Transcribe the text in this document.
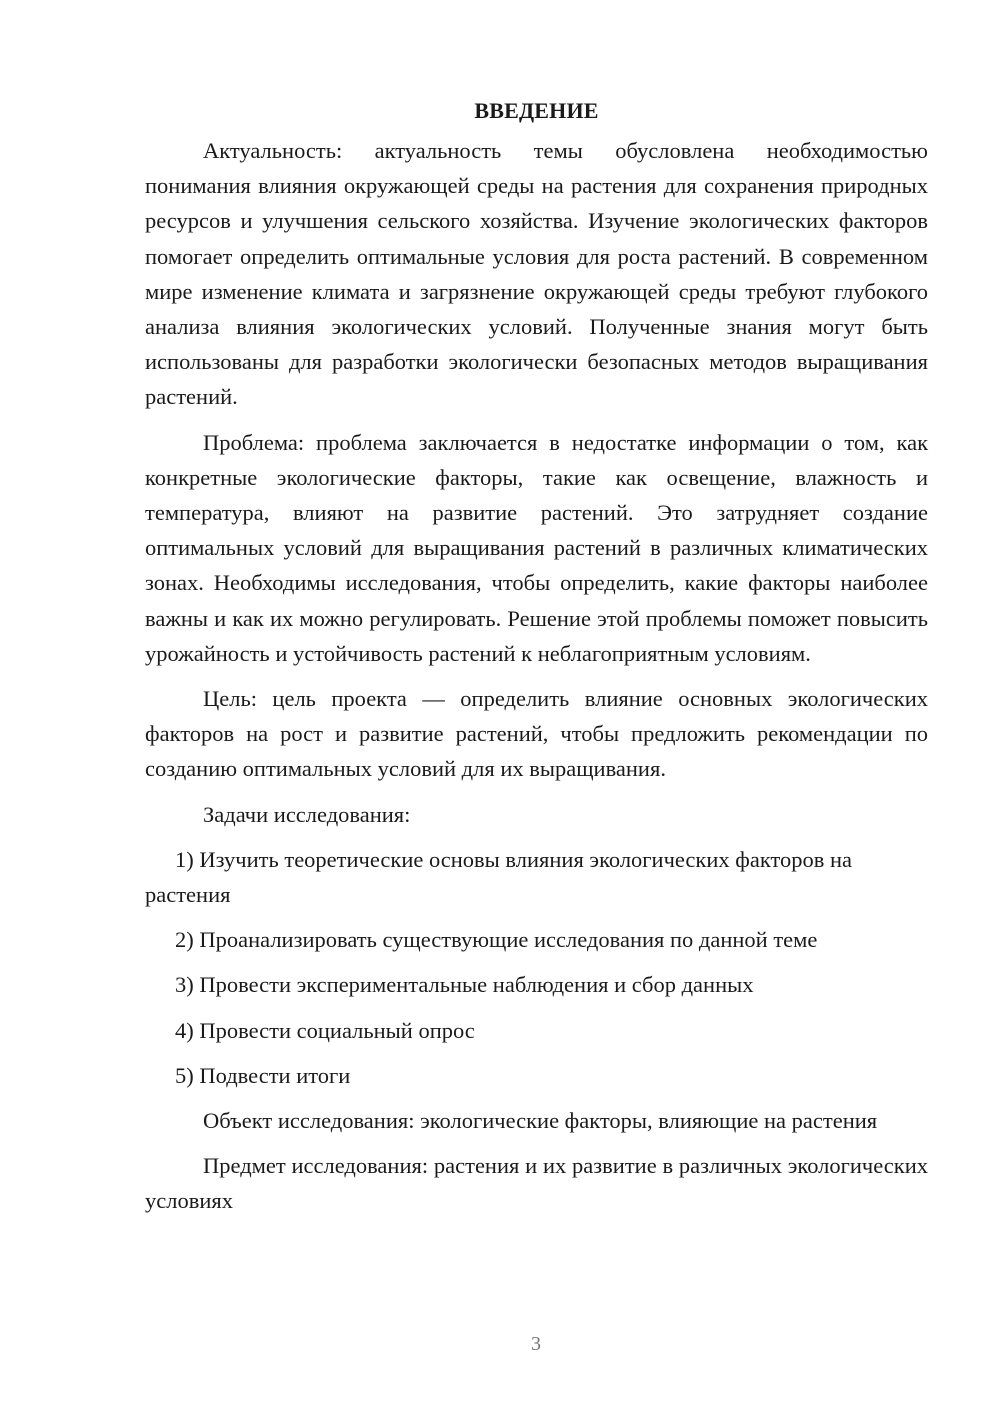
ВВЕДЕНИЕ

Актуальность: актуальность темы обусловлена необходимостью понимания влияния окружающей среды на растения для сохранения природных ресурсов и улучшения сельского хозяйства. Изучение экологических факторов помогает определить оптимальные условия для роста растений. В современном мире изменение климата и загрязнение окружающей среды требуют глубокого анализа влияния экологических условий. Полученные знания могут быть использованы для разработки экологически безопасных методов выращивания растений.

Проблема: проблема заключается в недостатке информации о том, как конкретные экологические факторы, такие как освещение, влажность и температура, влияют на развитие растений. Это затрудняет создание оптимальных условий для выращивания растений в различных климатических зонах. Необходимы исследования, чтобы определить, какие факторы наиболее важны и как их можно регулировать. Решение этой проблемы поможет повысить урожайность и устойчивость растений к неблагоприятным условиям.

Цель: цель проекта — определить влияние основных экологических факторов на рост и развитие растений, чтобы предложить рекомендации по созданию оптимальных условий для их выращивания.

Задачи исследования:

1) Изучить теоретические основы влияния экологических факторов на растения

2) Проанализировать существующие исследования по данной теме

3) Провести экспериментальные наблюдения и сбор данных

4) Провести социальный опрос

5) Подвести итоги

Объект исследования: экологические факторы, влияющие на растения

Предмет исследования: растения и их развитие в различных экологических условиях

3
